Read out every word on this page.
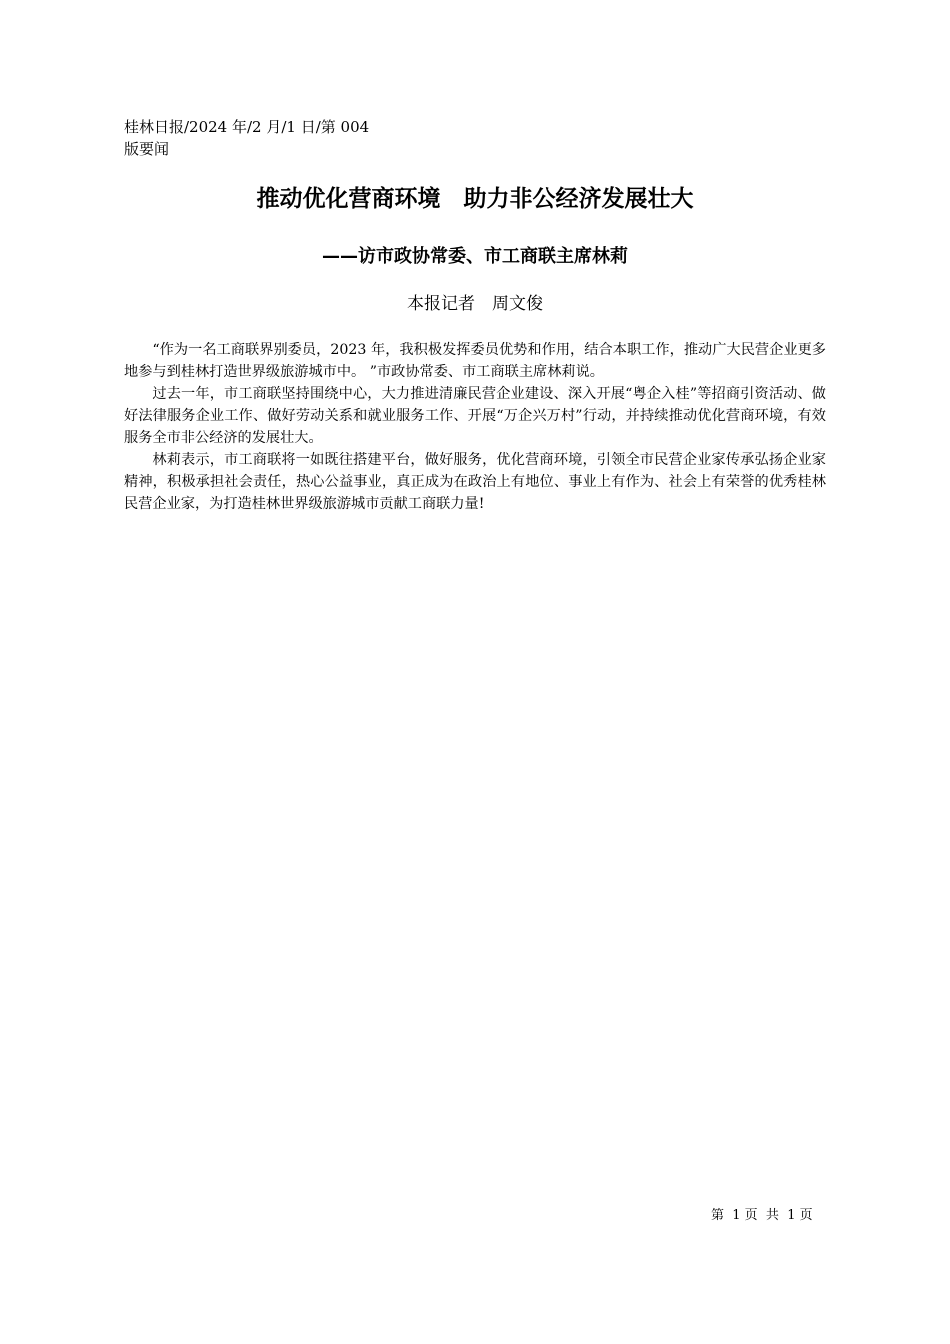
桂林日报/2024 年/2 月/1 日/第 004
版要闻
推动优化营商环境　助力非公经济发展壮大
——访市政协常委、市工商联主席林莉
本报记者　周文俊

“作为一名工商联界别委员，2023 年，我积极发挥委员优势和作用，结合本职工作，推动广大民营企业更多地参与到桂林打造世界级旅游城市中。 ”市政协常委、市工商联主席林莉说。

过去一年，市工商联坚持围绕中心，大力推进清廉民营企业建设、深入开展“粤企入桂”等招商引资活动、做好法律服务企业工作、做好劳动关系和就业服务工作、开展“万企兴万村”行动，并持续推动优化营商环境，有效服务全市非公经济的发展壮大。

林莉表示，市工商联将一如既往搭建平台，做好服务，优化营商环境，引领全市民营企业家传承弘扬企业家精神，积极承担社会责任，热心公益事业，真正成为在政治上有地位、事业上有作为、社会上有荣誉的优秀桂林民营企业家，为打造桂林世界级旅游城市贡献工商联力量!

第  1 页  共  1 页
